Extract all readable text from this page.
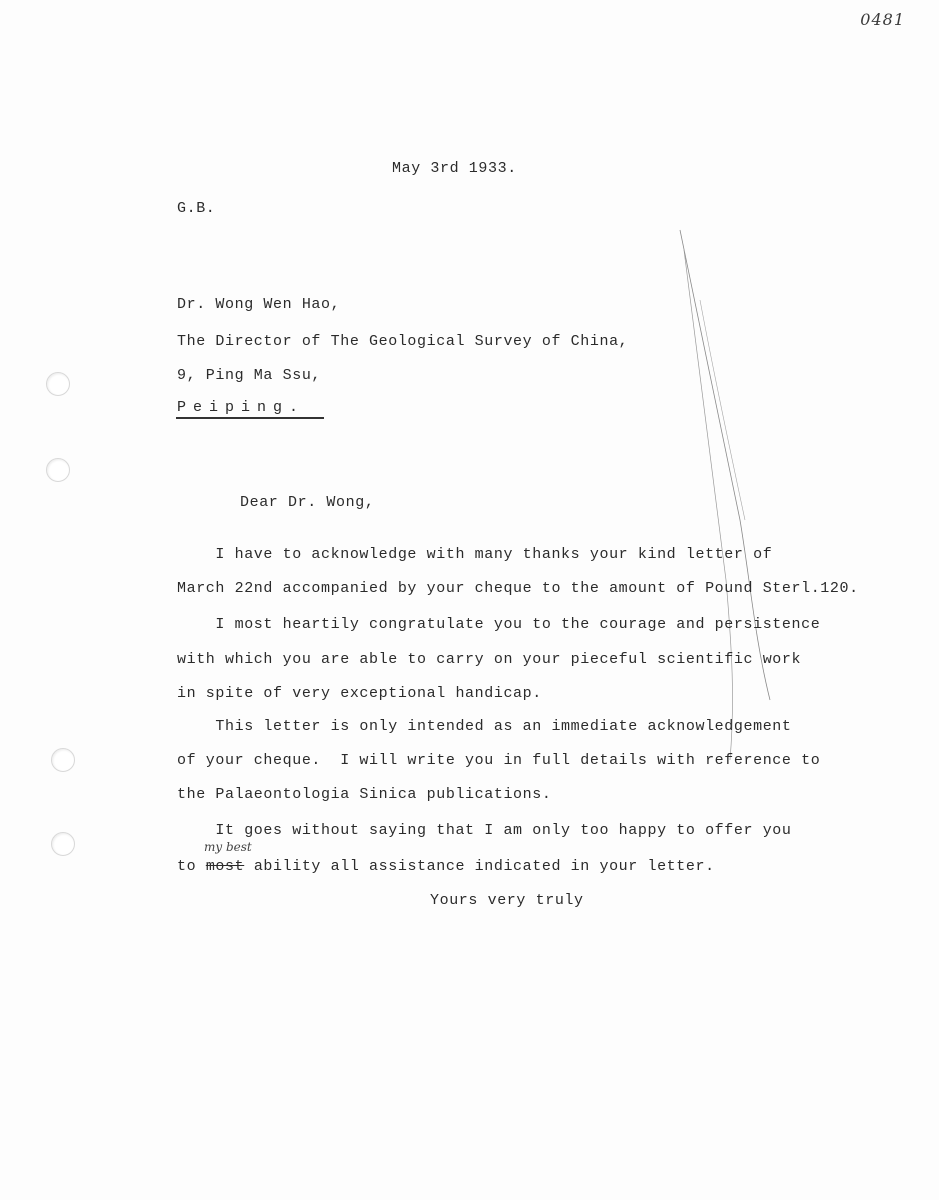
0481
May 3rd 1933.
G.B.
Dr. Wong Wen Hao,
The Director of The Geological Survey of China,
9, Ping Ma Ssu,
Peiping.
Dear Dr. Wong,
I have to acknowledge with many thanks your kind letter of
March 22nd accompanied by your cheque to the amount of Pound Sterl.120.
I most heartily congratulate you to the courage and persistence
with which you are able to carry on your pieceful scientific work
in spite of very exceptional handicap.
This letter is only intended as an immediate acknowledgement
of your cheque.  I will write you in full details with reference to
the Palaeontologia Sinica publications.
It goes without saying that I am only too happy to offer you
my best
to most ability all assistance indicated in your letter.
Yours very truly
